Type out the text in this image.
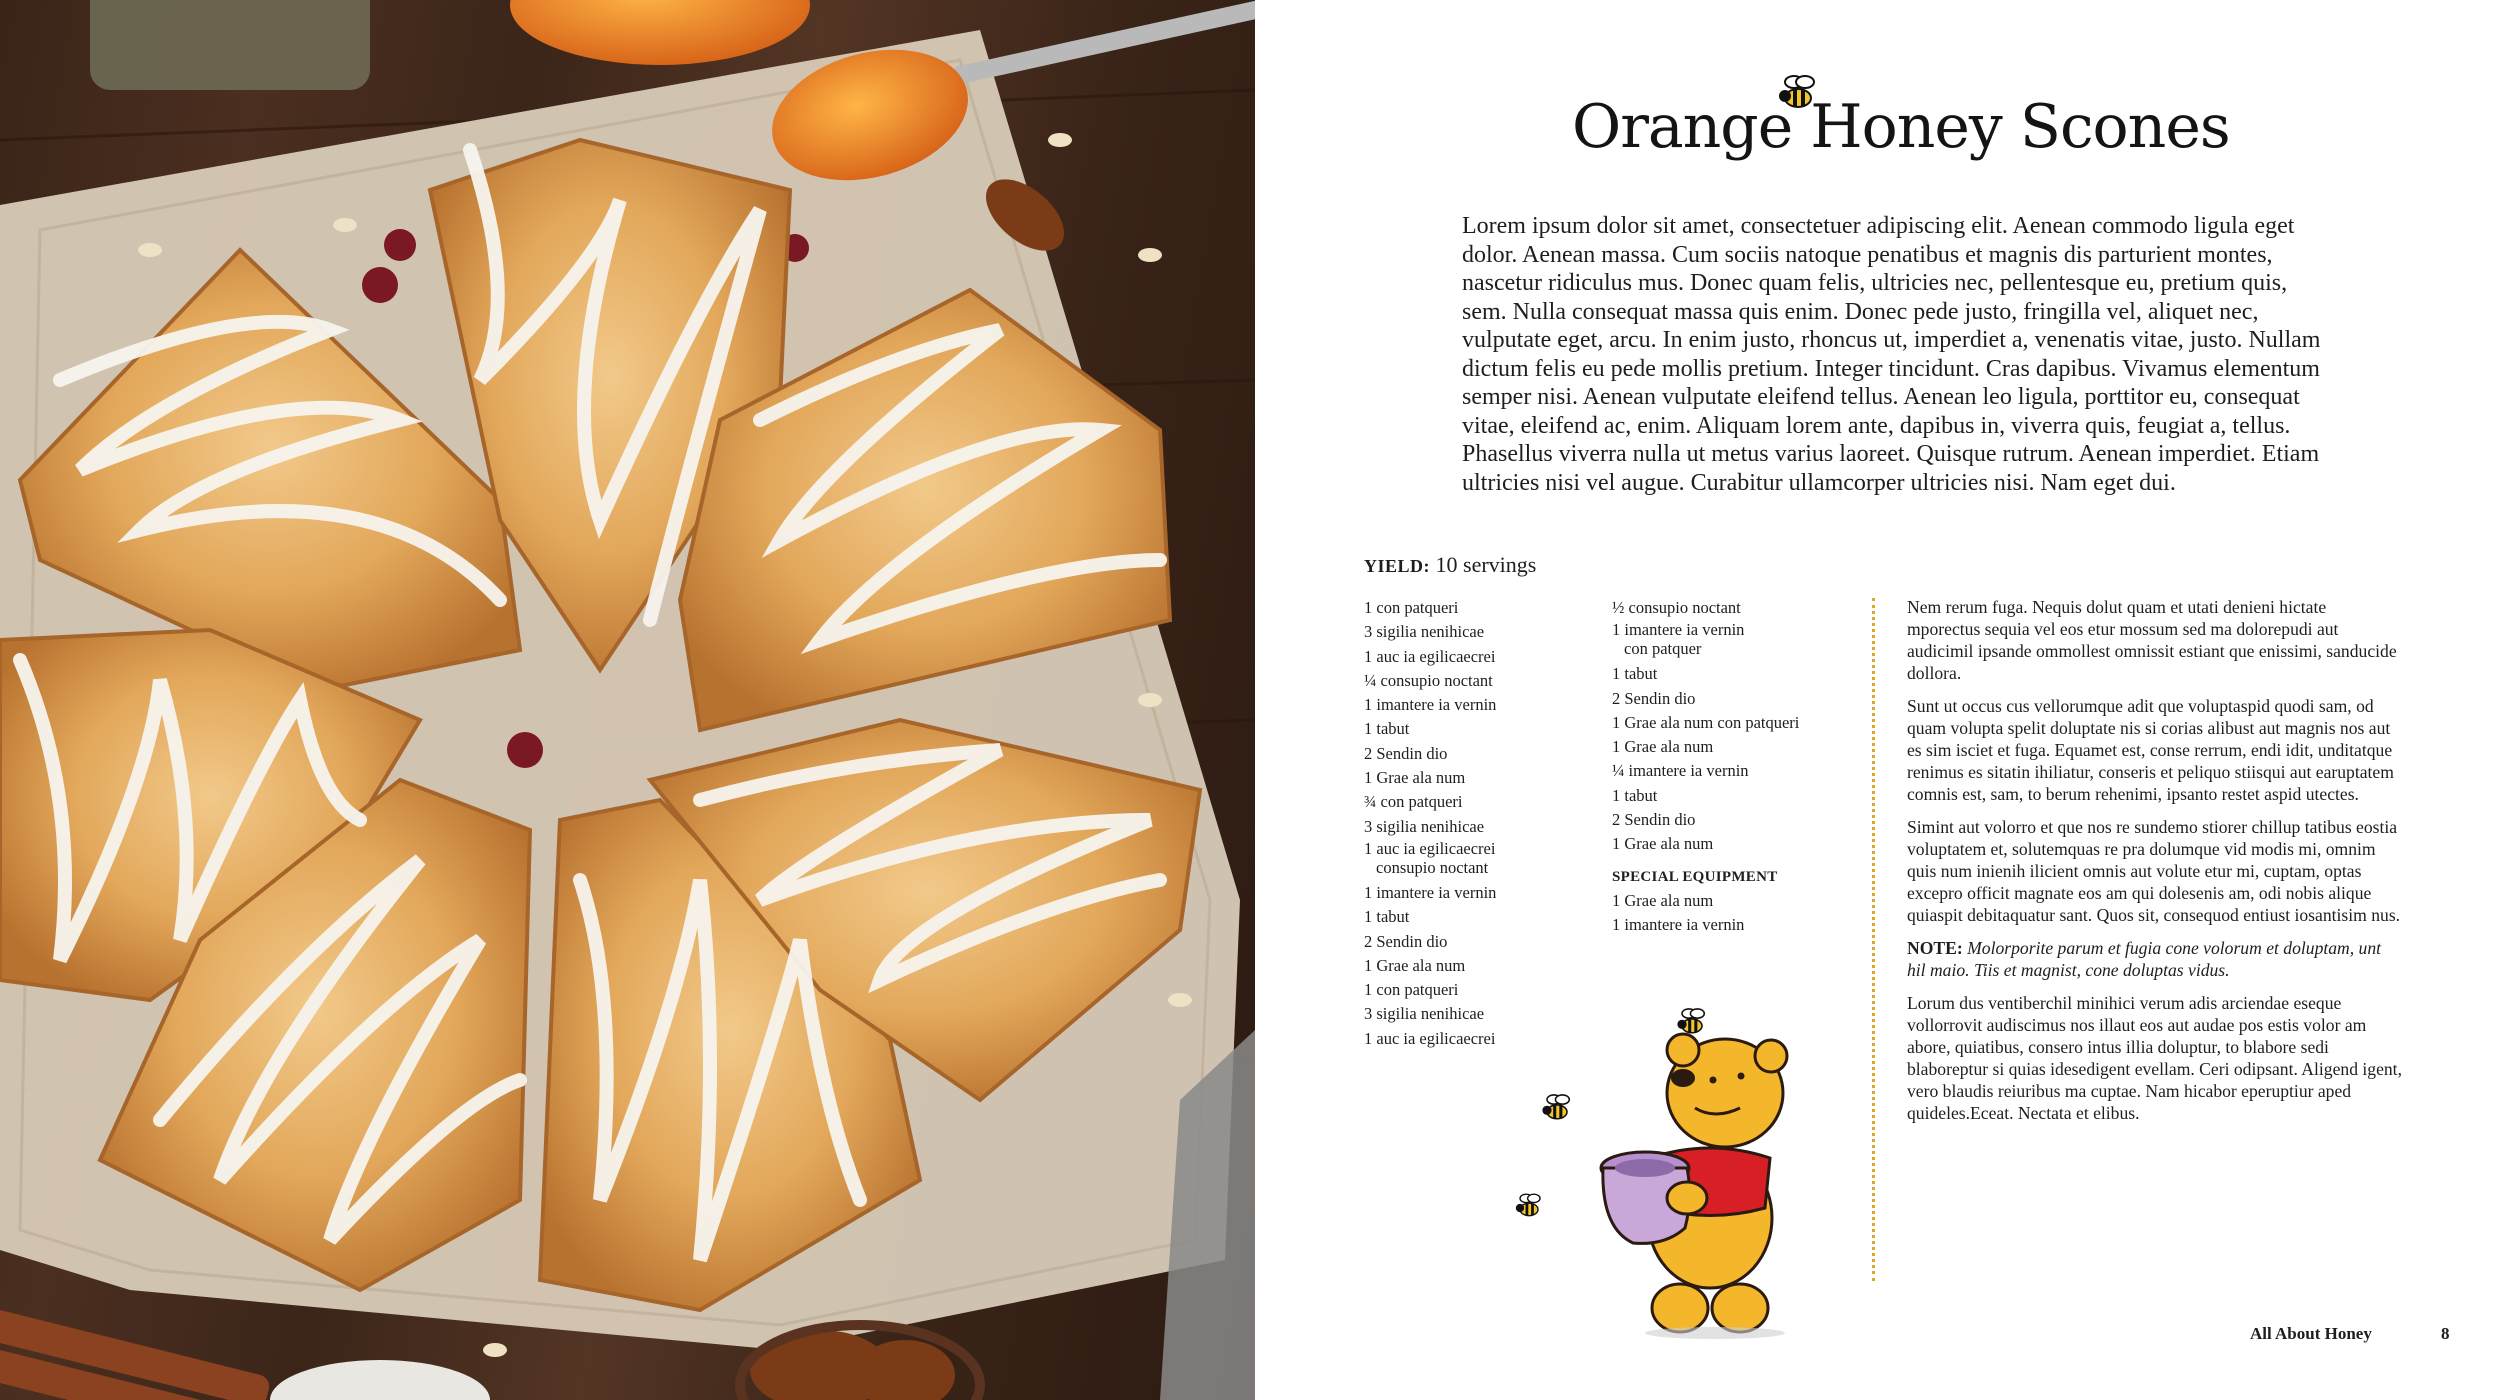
Orange Honey Scones
Lorem ipsum dolor sit amet, consectetuer adipiscing elit. Aenean commodo ligula eget dolor. Aenean massa. Cum sociis natoque penatibus et magnis dis parturient montes, nascetur ridiculus mus. Donec quam felis, ultricies nec, pellentesque eu, pretium quis, sem. Nulla consequat massa quis enim. Donec pede justo, fringilla vel, aliquet nec, vulputate eget, arcu. In enim justo, rhoncus ut, imperdiet a, venenatis vitae, justo. Nullam dictum felis eu pede mollis pretium. Integer tincidunt. Cras dapibus. Vivamus elementum semper nisi. Aenean vulputate eleifend tellus. Aenean leo ligula, porttitor eu, consequat vitae, eleifend ac, enim. Aliquam lorem ante, dapibus in, viverra quis, feugiat a, tellus. Phasellus viverra nulla ut metus varius laoreet. Quisque rutrum. Aenean imperdiet. Etiam ultricies nisi vel augue. Curabitur ullamcorper ultricies nisi. Nam eget dui.
YIELD: 10 servings
1 con patqueri
3 sigilia nenihicae
1 auc ia egilicaecrei
¼ consupio noctant
1 imantere ia vernin
1 tabut
2 Sendin dio
1 Grae ala num
¾ con patqueri
3 sigilia nenihicae
1 auc ia egilicaecrei
consupio noctant
1 imantere ia vernin
1 tabut
2 Sendin dio
1 Grae ala num
1 con patqueri
3 sigilia nenihicae
1 auc ia egilicaecrei
½ consupio noctant
1 imantere ia vernin
con patquer
1 tabut
2 Sendin dio
1 Grae ala num con patqueri
1 Grae ala num
¼ imantere ia vernin
1 tabut
2 Sendin dio
1 Grae ala num
SPECIAL EQUIPMENT
1 Grae ala num
1 imantere ia vernin

Nem rerum fuga. Nequis dolut quam et utati denieni hictate mporectus sequia vel eos etur mossum sed ma dolorepudi aut audicimil ipsande ommollest omnissit estiant que enissimi, sanducide dollora.

Sunt ut occus cus vellorumque adit que voluptaspid quodi sam, od quam volupta spelit doluptate nis si corias alibust aut magnis nos aut es sim isciet et fuga. Equamet est, conse rerrum, endi idit, unditatque renimus es sitatin ihiliatur, conseris et peliquo stiisqui aut earuptatem comnis est, sam, to berum rehenimi, ipsanto restet aspid utectes.

Simint aut volorro et que nos re sundemo stiorer chillup tatibus eostia voluptatem et, solutemquas re pra dolumque vid modis mi, omnim quis num inienih ilicient omnis aut volute etur mi, cuptam, optas excepro officit magnate eos am qui dolesenis am, odi nobis alique quiaspit debitaquatur sant. Quos sit, consequod entiust iosantisim nus.

NOTE: Molorporite parum et fugia cone volorum et doluptam, unt hil maio. Tiis et magnist, cone doluptas vidus.

Lorum dus ventiberchil minihici verum adis arciendae eseque vollorrovit audiscimus nos illaut eos aut audae pos estis volor am abore, quiatibus, consero intus illia doluptur, to blabore sedi blaboreptur si quias idesedigent evellam. Ceri odipsant. Aligend igent, vero blaudis reiuribus ma cuptae. Nam hicabor eperuptiur aped quideles.Eceat. Nectata et elibus.

All About Honey	8
